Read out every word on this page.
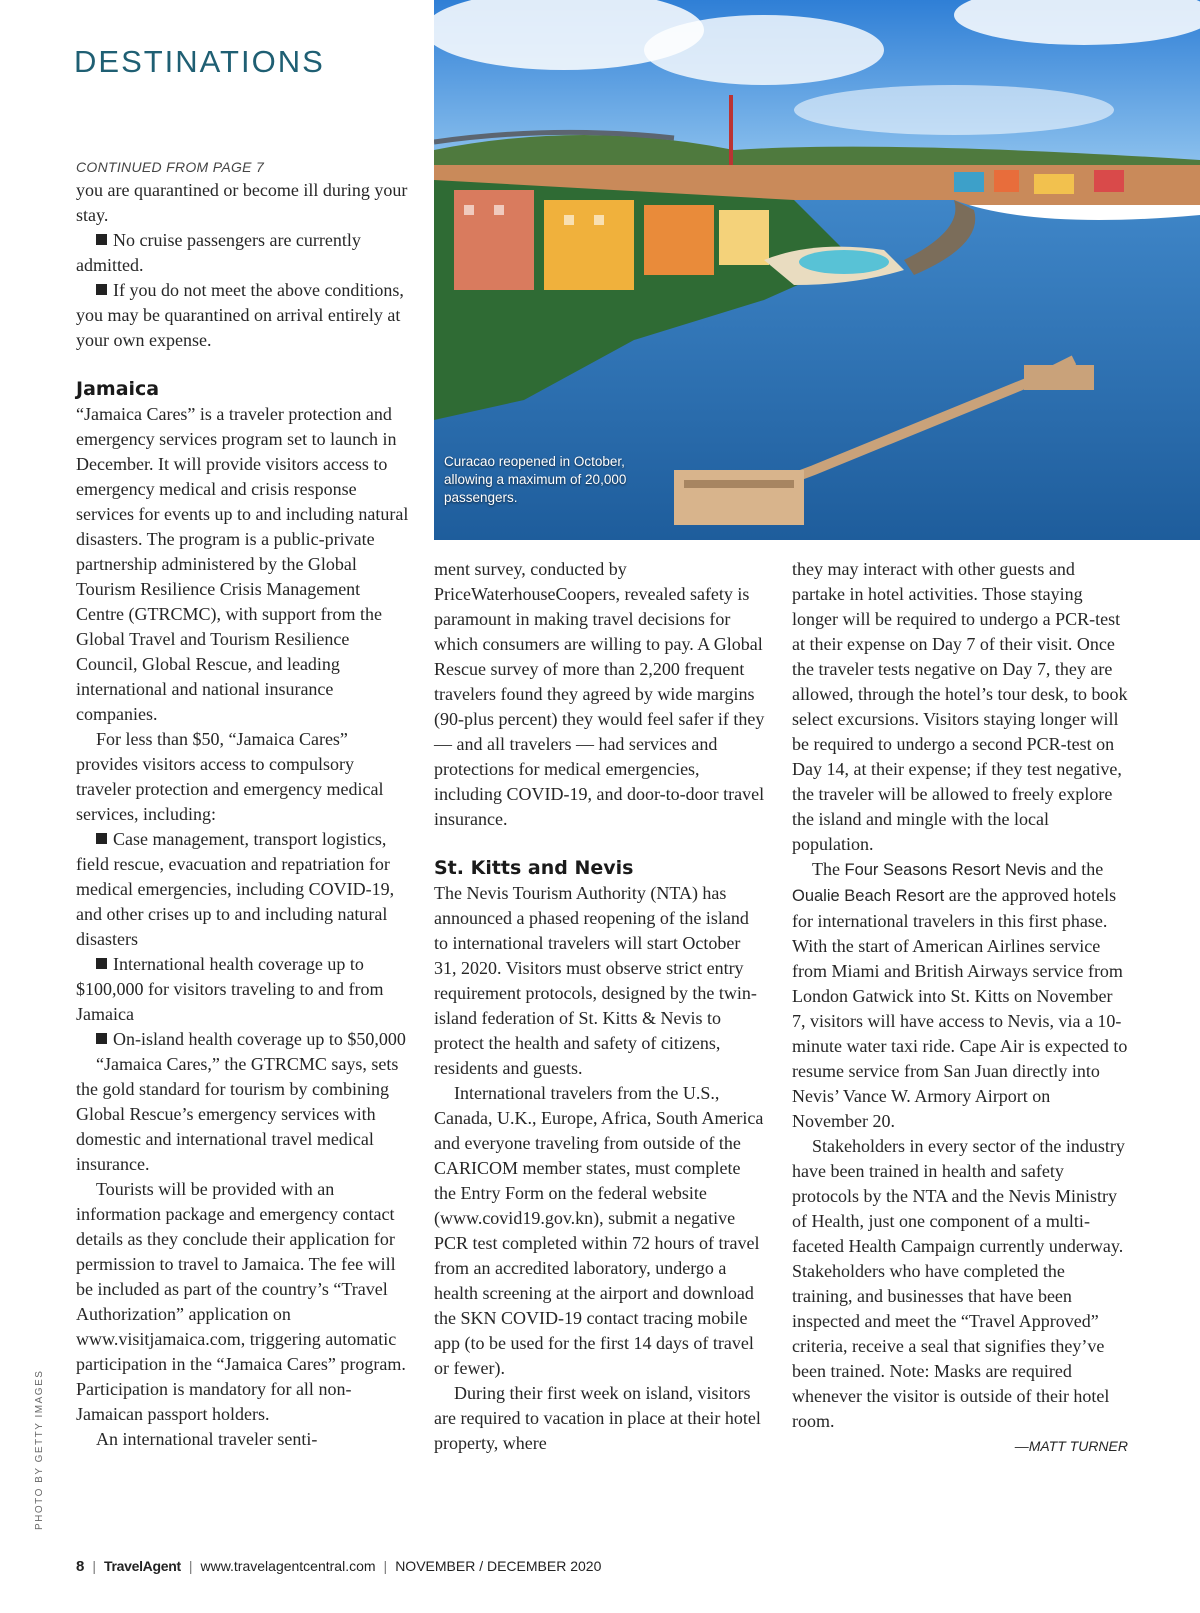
DESTINATIONS
Curacao reopened in October, allowing a maximum of 20,000 passengers.

CONTINUED FROM PAGE 7

you are quarantined or become ill during your stay.

No cruise passengers are currently admitted.

If you do not meet the above conditions, you may be quarantined on arrival entirely at your own expense.

Jamaica

“Jamaica Cares” is a traveler protection and emergency services program set to launch in December. It will provide visitors access to emergency medical and crisis response services for events up to and including natural disasters. The program is a public-private partnership administered by the Global Tourism Resilience Crisis Management Centre (GTRCMC), with support from the Global Travel and Tourism Resilience Council, Global Rescue, and leading international and national insurance companies.

For less than $50, “Jamaica Cares” provides visitors access to compulsory traveler protection and emergency medical services, including:

Case management, transport logistics, field rescue, evacuation and repatriation for medical emergencies, including COVID-19, and other crises up to and including natural disasters

International health coverage up to $100,000 for visitors traveling to and from Jamaica

On-island health coverage up to $50,000

“Jamaica Cares,” the GTRCMC says, sets the gold standard for tourism by combining Global Rescue’s emergency services with domestic and international travel medical insurance.

Tourists will be provided with an information package and emergency contact details as they conclude their application for permission to travel to Jamaica. The fee will be included as part of the country’s “Travel Authorization” application on www.visitjamaica.com, triggering automatic participation in the “Jamaica Cares” program. Participation is mandatory for all non-Jamaican passport holders.

An international traveler senti-

ment survey, conducted by PriceWaterhouseCoopers, revealed safety is paramount in making travel decisions for which consumers are willing to pay. A Global Rescue survey of more than 2,200 frequent travelers found they agreed by wide margins (90-plus percent) they would feel safer if they — and all travelers — had services and protections for medical emergencies, including COVID-19, and door-to-door travel insurance.

St. Kitts and Nevis

The Nevis Tourism Authority (NTA) has announced a phased reopening of the island to international travelers will start October 31, 2020. Visitors must observe strict entry requirement protocols, designed by the twin-island federation of St. Kitts & Nevis to protect the health and safety of citizens, residents and guests.

International travelers from the U.S., Canada, U.K., Europe, Africa, South America and everyone traveling from outside of the CARICOM member states, must complete the Entry Form on the federal website (www.covid19.gov.kn), submit a negative PCR test completed within 72 hours of travel from an accredited laboratory, undergo a health screening at the airport and download the SKN COVID-19 contact tracing mobile app (to be used for the first 14 days of travel or fewer).

During their first week on island, visitors are required to vacation in place at their hotel property, where

they may interact with other guests and partake in hotel activities. Those staying longer will be required to undergo a PCR-test at their expense on Day 7 of their visit. Once the traveler tests negative on Day 7, they are allowed, through the hotel’s tour desk, to book select excursions. Visitors staying longer will be required to undergo a second PCR-test on Day 14, at their expense; if they test negative, the traveler will be allowed to freely explore the island and mingle with the local population.

The Four Seasons Resort Nevis and the Oualie Beach Resort are the approved hotels for international travelers in this first phase. With the start of American Airlines service from Miami and British Airways service from London Gatwick into St. Kitts on November 7, visitors will have access to Nevis, via a 10-minute water taxi ride. Cape Air is expected to resume service from San Juan directly into Nevis’ Vance W. Armory Airport on November 20.

Stakeholders in every sector of the industry have been trained in health and safety protocols by the NTA and the Nevis Ministry of Health, just one component of a multi-faceted Health Campaign currently underway. Stakeholders who have completed the training, and businesses that have been inspected and meet the “Travel Approved” criteria, receive a seal that signifies they’ve been trained. Note: Masks are required whenever the visitor is outside of their hotel room.

—MATT TURNER

PHOTO BY GETTY IMAGES
8 | TravelAgent | www.travelagentcentral.com | NOVEMBER / DECEMBER 2020
